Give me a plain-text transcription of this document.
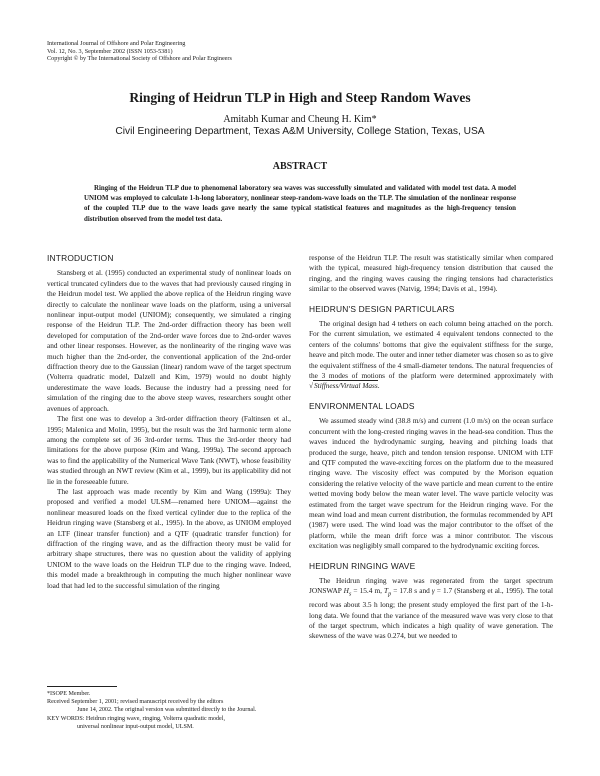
International Journal of Offshore and Polar Engineering
Vol. 12, No. 3, September 2002 (ISSN 1053-5381)
Copyright © by The International Society of Offshore and Polar Engineers
Ringing of Heidrun TLP in High and Steep Random Waves
Amitabh Kumar and Cheung H. Kim*
Civil Engineering Department, Texas A&M University, College Station, Texas, USA
ABSTRACT
Ringing of the Heidrun TLP due to phenomenal laboratory sea waves was successfully simulated and validated with model test data. A model UNIOM was employed to calculate 1-h-long laboratory, nonlinear steep-random-wave loads on the TLP. The simulation of the nonlinear response of the coupled TLP due to the wave loads gave nearly the same typical statistical features and magnitudes as the high-frequency tension distribution observed from the model test data.
INTRODUCTION

Stansberg et al. (1995) conducted an experimental study of nonlinear loads on vertical truncated cylinders due to the waves that had previously caused ringing in the Heidrun model test. We applied the above replica of the Heidrun ringing wave directly to calculate the nonlinear wave loads on the platform, using a universal nonlinear input-output model (UNIOM); consequently, we simulated a ringing response of the Heidrun TLP. The 2nd-order diffraction theory has been well developed for computation of the 2nd-order wave forces due to 2nd-order waves and other linear responses. However, as the nonlinearity of the ringing wave was much higher than the 2nd-order, the conventional application of the 2nd-order diffraction theory due to the Gaussian (linear) random wave of the target spectrum (Volterra quadratic model, Dalzell and Kim, 1979) would no doubt highly underestimate the wave loads. Because the industry had a pressing need for simulation of the ringing due to the above steep waves, researchers sought other avenues of approach.

The first one was to develop a 3rd-order diffraction theory (Faltinsen et al., 1995; Malenica and Molin, 1995), but the result was the 3rd harmonic term alone among the complete set of 36 3rd-order terms. Thus the 3rd-order theory had limitations for the above purpose (Kim and Wang, 1999a). The second approach was to find the applicability of the Numerical Wave Tank (NWT), whose feasibility was studied through an NWT review (Kim et al., 1999), but its applicability did not lie in the foreseeable future.

The last approach was made recently by Kim and Wang (1999a): They proposed and verified a model ULSM—renamed here UNIOM—against the nonlinear measured loads on the fixed vertical cylinder due to the replica of the Heidrun ringing wave (Stansberg et al., 1995). In the above, as UNIOM employed an LTF (linear transfer function) and a QTF (quadratic transfer function) for diffraction of the ringing wave, and as the diffraction theory must be valid for arbitrary shape structures, there was no question about the validity of applying UNIOM to the wave loads on the Heidrun TLP due to the ringing wave. Indeed, this model made a breakthrough in computing the much higher nonlinear wave load that had led to the successful simulation of the ringing

*ISOPE Member.
Received September 1, 2001; revised manuscript received by the editors
June 14, 2002. The original version was submitted directly to the Journal.
KEY WORDS: Heidrun ringing wave, ringing, Volterra quadratic model,
universal nonlinear input-output model, ULSM.

response of the Heidrun TLP. The result was statistically similar when compared with the typical, measured high-frequency tension distribution that caused the ringing, and the ringing waves causing the ringing tensions had characteristics similar to the observed waves (Natvig, 1994; Davis et al., 1994).

HEIDRUN'S DESIGN PARTICULARS

The original design had 4 tethers on each column being attached on the porch. For the current simulation, we estimated 4 equivalent tendons connected to the centers of the columns' bottoms that give the equivalent stiffness for the surge, heave and pitch mode. The outer and inner tether diameter was chosen so as to give the equivalent stiffness of the 4 small-diameter tendons. The natural frequencies of the 3 modes of motions of the platform were determined approximately with √Stiffness/Virtual Mass.

ENVIRONMENTAL LOADS

We assumed steady wind (38.8 m/s) and current (1.0 m/s) on the ocean surface concurrent with the long-crested ringing waves in the head-sea condition. Thus the waves induced the hydrodynamic surging, heaving and pitching loads that produced the surge, heave, pitch and tendon tension response. UNIOM with LTF and QTF computed the wave-exciting forces on the platform due to the measured ringing wave. The viscosity effect was computed by the Morison equation considering the relative velocity of the wave particle and mean current to the entire wetted moving body below the mean water level. The wave particle velocity was estimated from the target wave spectrum for the Heidrun ringing wave. For the mean wind load and mean current distribution, the formulas recommended by API (1987) were used. The wind load was the major contributor to the offset of the platform, while the mean drift force was a minor contributor. The viscous excitation was negligibly small compared to the hydrodynamic exciting forces.

HEIDRUN RINGING WAVE

The Heidrun ringing wave was regenerated from the target spectrum JONSWAP $H_s = 15.4$ m, $T_p = 17.8$ s and γ = 1.7 (Stansberg et al., 1995). The total record was about 3.5 h long; the present study employed the first part of the 1-h-long data. We found that the variance of the measured wave was very close to that of the target spectrum, which indicates a high quality of wave generation. The skewness of the wave was 0.274, but we needed to
